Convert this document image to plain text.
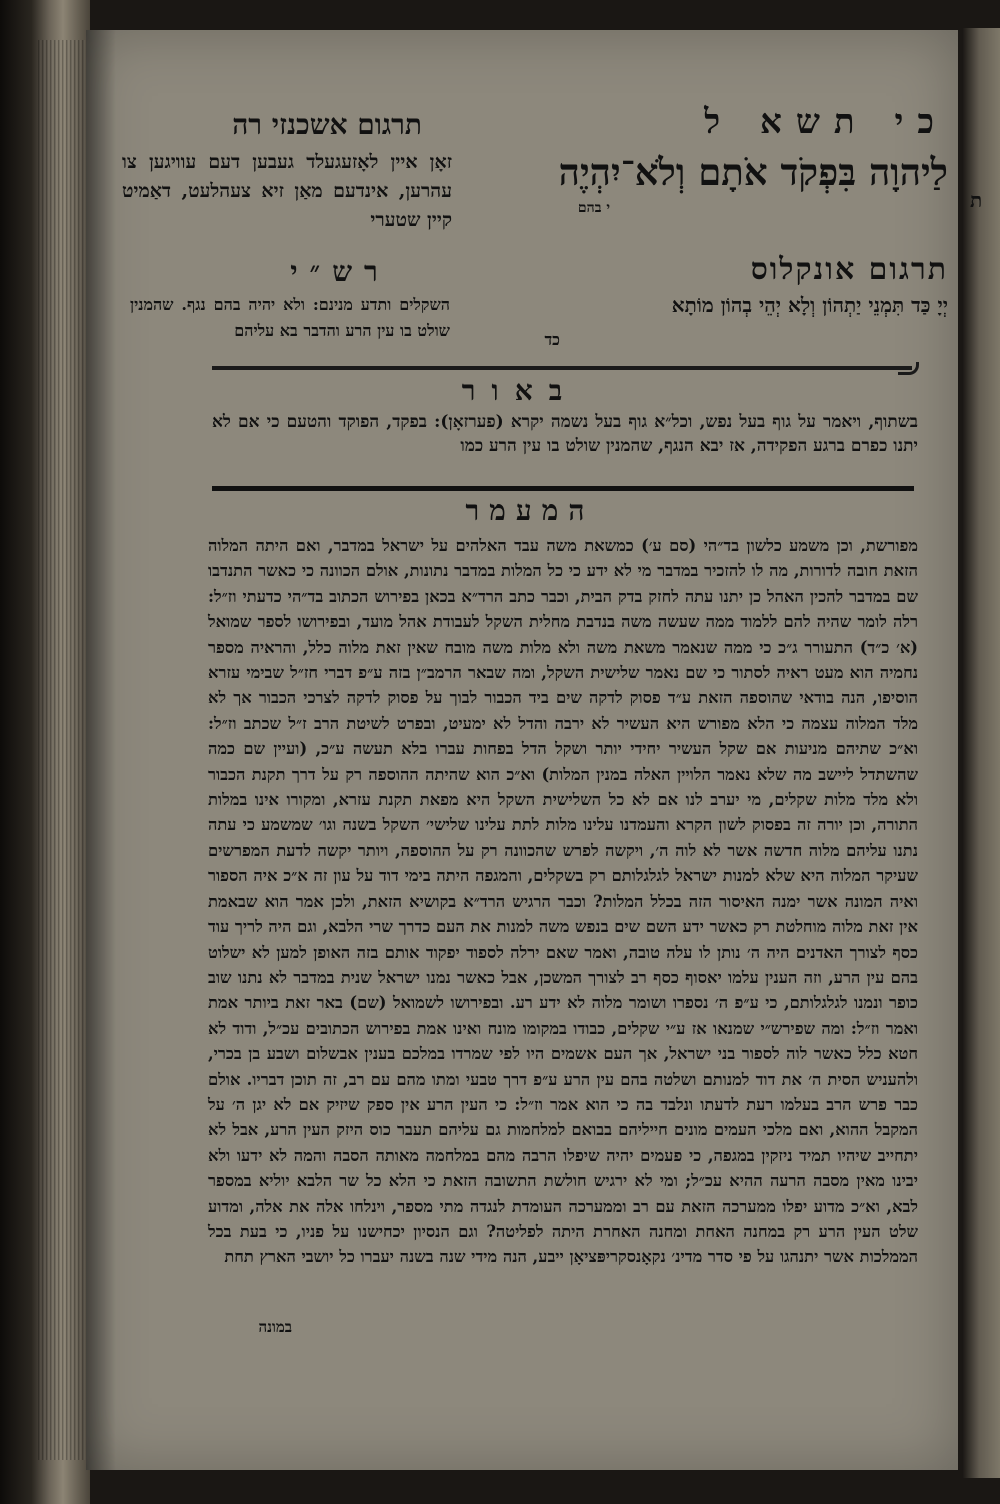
ת
כי תשא ל
תרגום אשכנזי רה
לַיהוָה בִּפְקֹד אֹתָם וְלֹא־יִהְיֶה
י בהם
זאָן איין לאָזעגעלד געבען דעם עוויגען צו עהרען, אינדעם מאַן זיא צעהלעט, דאַמיט קיין שטערי
תרגום אונקלוס
יְיָ כַּד תִּמְנֵי יַתְהוֹן וְלָא יְהֵי בְהוֹן מוֹתָא
כד
רש״י
השקלים ותדע מנינם: ולא יהיה בהם נגף. שהמנין שולט בו עין הרע והדבר בא עליהם
באור
בשתוף, ויאמר על גוף בעל נפש, וכל״א גוף בעל נשמה יקרא (פערזאָן): בפקד, הפוקד והטעם כי אם לא יתנו כפרם ברגע הפקידה, אז יבא הנגף, שהמנין שולט בו עין הרע כמו
המעמר
מפורשת, וכן משמע כלשון בד״הי (סם ע׳) כמשאת משה עבד האלהים על ישראל במדבר, ואם היתה המלוה הזאת חובה לדורות, מה לו להזכיר במדבר מי לא ידע כי כל המלות במדבר נתונות, אולם הכוונה כי כאשר התנדבו שם במדבר להכין האהל כן יתנו עתה לחזק בדק הבית, וכבר כתב הרד״א בכאן בפירוש הכתוב בד״הי כדעתי וז״ל: רלה לומר שהיה להם ללמוד ממה שעשה משה בנדבת מחלית השקל לעבודת אהל מועד, ובפירושו לספר שמואל (א׳ כ״ד) התעורר ג״כ כי ממה שנאמר משאת משה ולא מלות משה מובח שאין זאת מלוה כלל, והראיה מספר נחמיה הוא מעט ראיה לסתור כי שם נאמר שלישית השקל, ומה שבאר הרמב״ן בזה ע״פ דברי חז״ל שבימי עזרא הוסיפו, הנה בודאי שהוספה הזאת ע״ד פסוק לדקה שים ביד הכבור לבוך על פסוק לדקה לצרכי הכבור אך לא מלד המלוה עצמה כי הלא מפורש היא העשיר לא ירבה והדל לא ימעיט, ובפרט לשיטת הרב ז״ל שכתב וז״ל: וא״כ שתיהם מניעות אם שקל העשיר יחידי יותר ושקל הדל בפחות עברו בלא תעשה ע״כ, (ועיין שם כמה שהשתדל ליישב מה שלא נאמר הלויין האלה במנין המלות) וא״כ הוא שהיתה ההוספה רק על דרך תקנת הכבור ולא מלד מלות שקלים, מי יערב לנו אם לא כל השלישית השקל היא מפאת תקנת עזרא, ומקורו אינו במלות התורה, וכן יורה זה בפסוק לשון הקרא והעמדנו עלינו מלות לתת עלינו שלישי׳ השקל בשנה וגו׳ שמשמע כי עתה נתנו עליהם מלוה חדשה אשר לא לוה ה׳, ויקשה לפרש שהכוונה רק על ההוספה, ויותר יקשה לדעת המפרשים שעיקר המלוה היא שלא למנות ישראל לגלגלותם רק בשקלים, והמגפה היתה בימי דוד על עון זה א״כ איה הספור ואיה המונה אשר ימנה האיסור הזה בכלל המלות? וכבר הרגיש הרד״א בקושיא הזאת, ולכן אמר הוא שבאמת אין זאת מלוה מוחלטת רק כאשר ידע השם שים בנפש משה למנות את העם כדרך שרי הלבא, וגם היה לריך עוד כסף לצורך האדנים היה ה׳ נותן לו עלה טובה, ואמר שאם ירלה לספוד יפקוד אותם בזה האופן למען לא ישלוט בהם עין הרע, וזה הענין עלמו יאסוף כסף רב לצורך המשכן, אבל כאשר נמנו ישראל שנית במדבר לא נתנו שוב כופר ונמנו לגלגלותם, כי ע״פ ה׳ נספרו ושומר מלוה לא ידע רע. ובפירושו לשמואל (שם) באר זאת ביותר אמת ואמר וז״ל: ומה שפירש״י שמנאו אז ע״י שקלים, כבודו במקומו מונח ואינו אמת בפירוש הכתובים עכ״ל, ודוד לא חטא כלל כאשר לוה לספור בני ישראל, אך העם אשמים היו לפי שמרדו במלכם בענין אבשלום ושבע בן בכרי, ולהעניש הסית ה׳ את דוד למנותם ושלטה בהם עין הרע ע״פ דרך טבעי ומתו מהם עם רב, זה תוכן דבריו. אולם כבר פרש הרב בעלמו רעת לדעתו ונלבד בה כי הוא אמר וז״ל: כי העין הרע אין ספק שיזיק אם לא יגן ה׳ על המקבל ההוא, ואם מלכי העמים מונים חייליהם בבואם למלחמות גם עליהם תעבר כוס היזק העין הרע, אבל לא יתחייב שיהיו תמיד ניזקין במגפה, כי פעמים יהיה שיפלו הרבה מהם במלחמה מאותה הסבה והמה לא ידעו ולא יבינו מאין מסבה הרעה ההיא עכ״ל; ומי לא ירגיש חולשת התשובה הזאת כי הלא כל שר הלבא יוליא במספר לבא, וא״כ מדוע יפלו ממערכה הזאת עם רב וממערכה העומדת לנגדה מתי מספר, וינלחו אלה את אלה, ומדוע שלט העין הרע רק במחנה האחת ומחנה האחרת היתה לפליטה? וגם הנסיון יכחישנו על פניו, כי בעת בכל הממלכות אשר יתנהגו על פי סדר מדינ׳ נקאָנסקריפּציאָן ייבע, הנה מידי שנה בשנה יעברו כל יושבי הארץ תחת
במונה
